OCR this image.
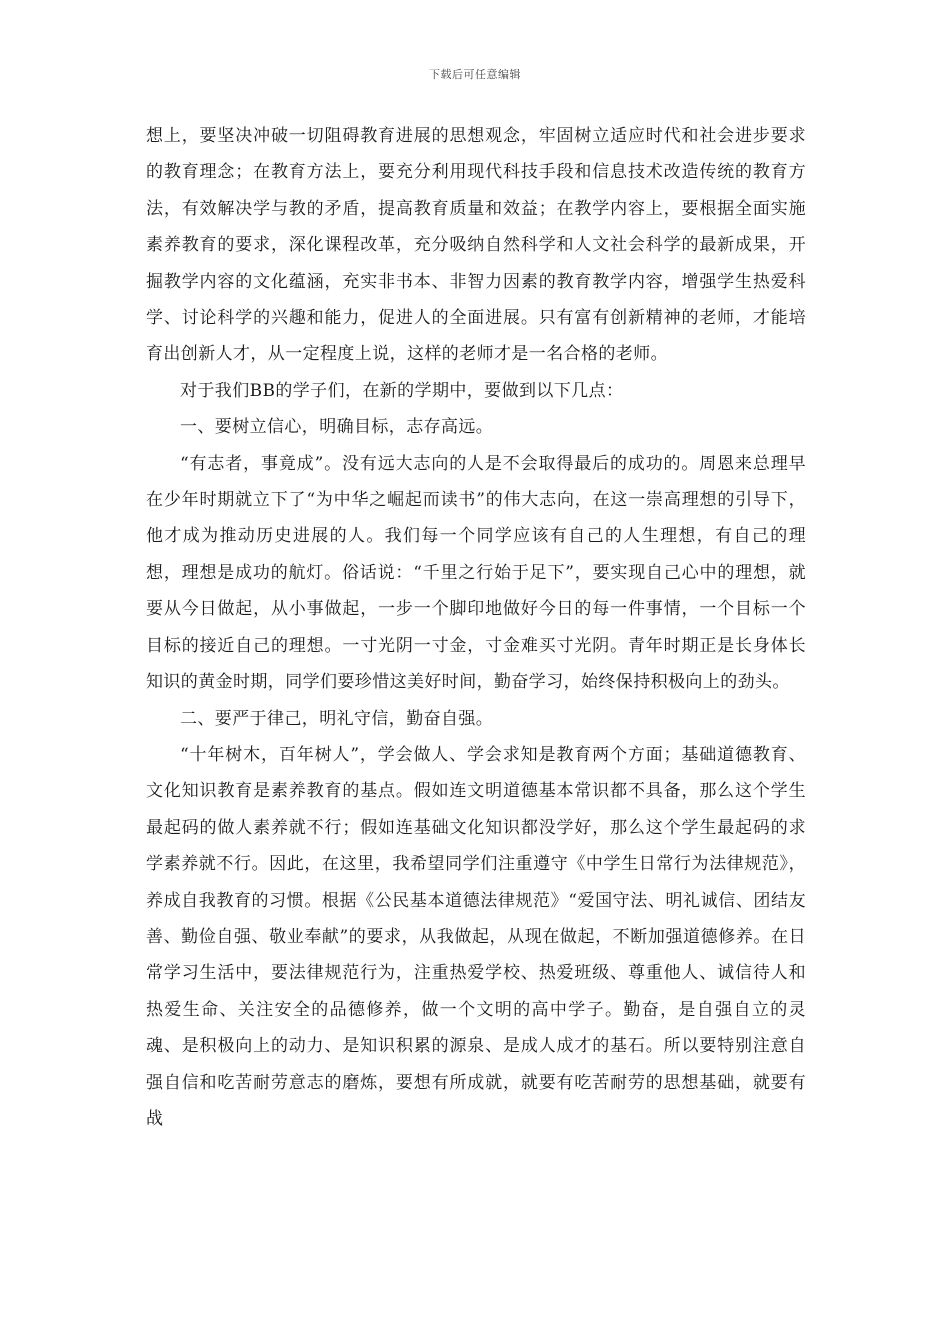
下载后可任意编辑

想上，要坚决冲破一切阻碍教育进展的思想观念，牢固树立适应时代和社会进步要求的教育理念；在教育方法上，要充分利用现代科技手段和信息技术改造传统的教育方法，有效解决学与教的矛盾，提高教育质量和效益；在教学内容上，要根据全面实施素养教育的要求，深化课程改革，充分吸纳自然科学和人文社会科学的最新成果，开掘教学内容的文化蕴涵，充实非书本、非智力因素的教育教学内容，增强学生热爱科学、讨论科学的兴趣和能力，促进人的全面进展。只有富有创新精神的老师，才能培育出创新人才，从一定程度上说，这样的老师才是一名合格的老师。

对于我们BB的学子们，在新的学期中，要做到以下几点：

一、要树立信心，明确目标，志存高远。

“有志者，事竟成”。没有远大志向的人是不会取得最后的成功的。周恩来总理早在少年时期就立下了“为中华之崛起而读书”的伟大志向，在这一崇高理想的引导下，他才成为推动历史进展的人。我们每一个同学应该有自己的人生理想，有自己的理想，理想是成功的航灯。俗话说：“千里之行始于足下”，要实现自己心中的理想，就要从今日做起，从小事做起，一步一个脚印地做好今日的每一件事情，一个目标一个目标的接近自己的理想。一寸光阴一寸金，寸金难买寸光阴。青年时期正是长身体长知识的黄金时期，同学们要珍惜这美好时间，勤奋学习，始终保持积极向上的劲头。

二、要严于律己，明礼守信，勤奋自强。

“十年树木，百年树人”，学会做人、学会求知是教育两个方面；基础道德教育、文化知识教育是素养教育的基点。假如连文明道德基本常识都不具备，那么这个学生最起码的做人素养就不行；假如连基础文化知识都没学好，那么这个学生最起码的求学素养就不行。因此，在这里，我希望同学们注重遵守《中学生日常行为法律规范》，养成自我教育的习惯。根据《公民基本道德法律规范》“爱国守法、明礼诚信、团结友善、勤俭自强、敬业奉献”的要求，从我做起，从现在做起，不断加强道德修养。在日常学习生活中，要法律规范行为，注重热爱学校、热爱班级、尊重他人、诚信待人和热爱生命、关注安全的品德修养，做一个文明的高中学子。勤奋，是自强自立的灵魂、是积极向上的动力、是知识积累的源泉、是成人成才的基石。所以要特别注意自强自信和吃苦耐劳意志的磨炼，要想有所成就，就要有吃苦耐劳的思想基础，就要有战
